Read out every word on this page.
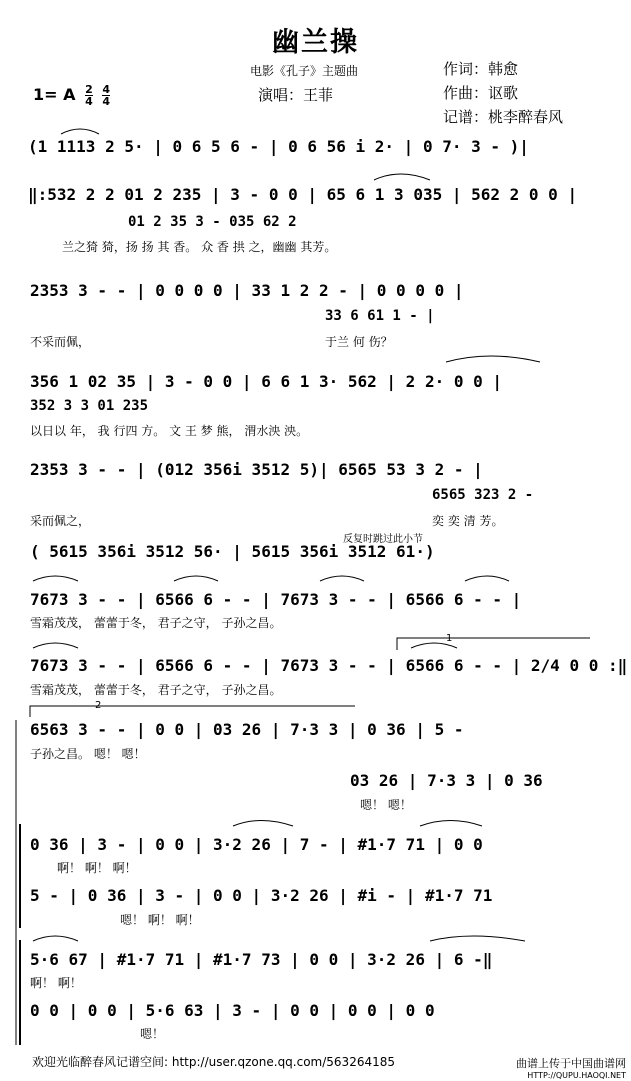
幽兰操
电影《孔子》主题曲	作词：韩愈
1= A $\frac{2}{4}$
$\frac{4}{4}$	演唱：王菲	作曲：讴歌
记谱：桃李醉春风
(1 1113 2 5· | 0 6 5 6 - | 0 6 56 i 2· | 0 7· 3 - )|
‖:532 2 2 01 2 235 | 3 - 0 0 | 65 6 1 3 035 | 562 2 0 0 |
01 2 35 3 - 035 62 2
兰之猗 猗，扬 扬 其 香。 众 香 拱 之，幽幽 其芳。
2353 3 - - | 0 0 0 0 | 33 1 2 2 - | 0 0 0 0 |
33 6 61 1 - |
不采而佩，	于兰 何 伤？
356 1 02 35 | 3 - 0 0 | 6 6 1 3· 562 | 2 2· 0 0 |
352 3 3 01 235
以日以 年， 我 行四 方。 文 王 梦 熊， 渭水泱 泱。
2353 3 - - | (012 356i 3512 5)| 6565 53 3 2 - |
6565 323 2 -
采而佩之，	奕 奕 清 芳。
反复时跳过此小节
( 5615 356i 3512 56· | 5615 356i 3512 61·)
7673 3 - - | 6566 6 - - | 7673 3 - - | 6566 6 - - |
雪霜茂茂， 蕾蕾于冬， 君子之守， 子孙之昌。
1
7673 3 - - | 6566 6 - - | 7673 3 - - | 6566 6 - - | 2/4 0 0 :‖
雪霜茂茂， 蕾蕾于冬， 君子之守， 子孙之昌。
2
6563 3 - - | 0 0 | 03 26 | 7·3 3 | 0 36 | 5 -
子孙之昌。 嗯！ 嗯！
03 26 | 7·3 3 | 0 36
嗯！ 嗯！
0 36 | 3 - | 0 0 | 3·2 26 | 7 - | #1·7 71 | 0 0
啊！ 啊！ 啊！
5 - | 0 36 | 3 - | 0 0 | 3·2 26 | #i - | #1·7 71
嗯！ 啊！ 啊！
5·6 67 | #1·7 71 | #1·7 73 | 0 0 | 3·2 26 | 6 -‖
啊！ 啊！
0 0 | 0 0 | 5·6 63 | 3 - | 0 0 | 0 0 | 0 0
嗯！
欢迎光临醉春风记谱空间: http://user.qzone.qq.com/563264185	曲谱上传于中国曲谱网
HTTP://QUPU.HAOQI.NET
